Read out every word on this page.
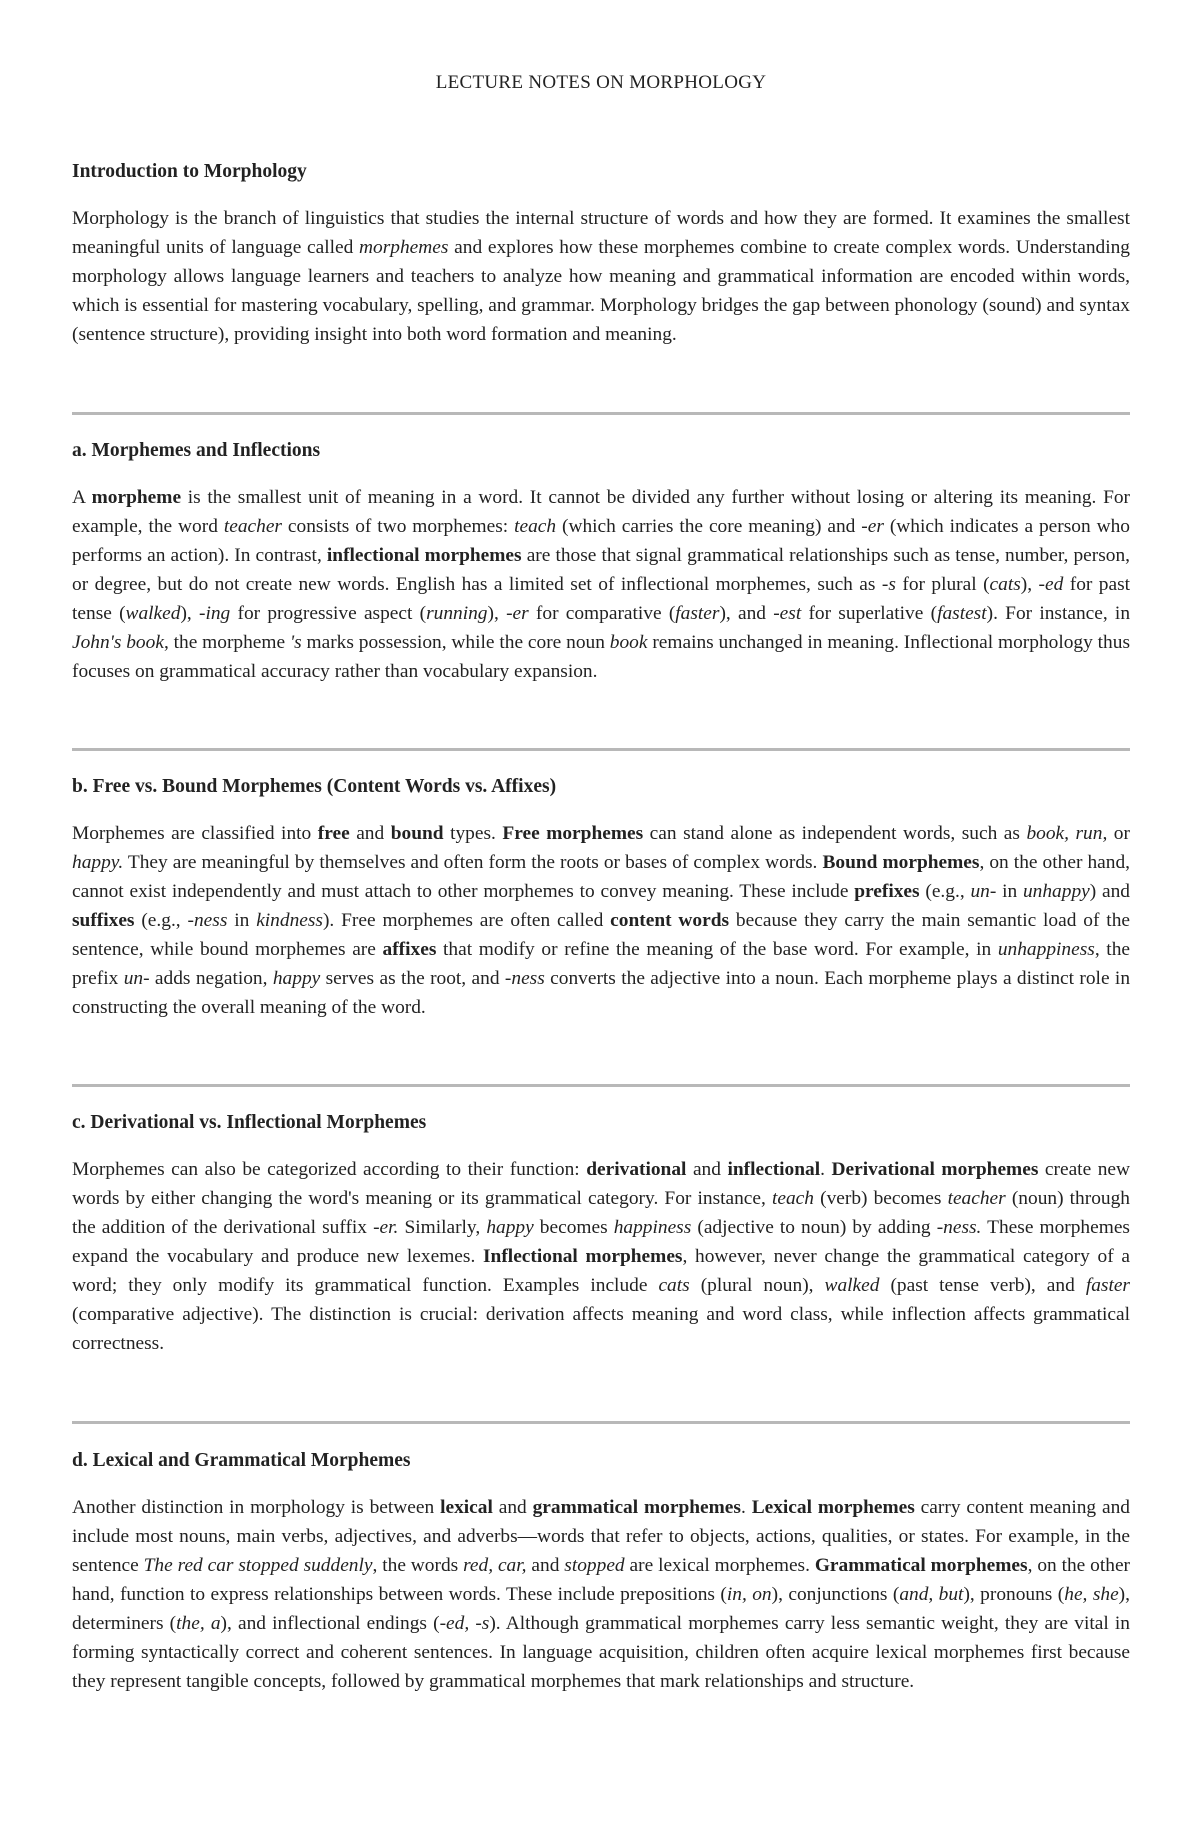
LECTURE NOTES ON MORPHOLOGY
Introduction to Morphology

Morphology is the branch of linguistics that studies the internal structure of words and how they are formed. It examines the smallest meaningful units of language called morphemes and explores how these morphemes combine to create complex words. Understanding morphology allows language learners and teachers to analyze how meaning and grammatical information are encoded within words, which is essential for mastering vocabulary, spelling, and grammar. Morphology bridges the gap between phonology (sound) and syntax (sentence structure), providing insight into both word formation and meaning.

a. Morphemes and Inflections

A morpheme is the smallest unit of meaning in a word. It cannot be divided any further without losing or altering its meaning. For example, the word teacher consists of two morphemes: teach (which carries the core meaning) and -er (which indicates a person who performs an action). In contrast, inflectional morphemes are those that signal grammatical relationships such as tense, number, person, or degree, but do not create new words. English has a limited set of inflectional morphemes, such as -s for plural (cats), -ed for past tense (walked), -ing for progressive aspect (running), -er for comparative (faster), and -est for superlative (fastest). For instance, in John's book, the morpheme 's marks possession, while the core noun book remains unchanged in meaning. Inflectional morphology thus focuses on grammatical accuracy rather than vocabulary expansion.

b. Free vs. Bound Morphemes (Content Words vs. Affixes)

Morphemes are classified into free and bound types. Free morphemes can stand alone as independent words, such as book, run, or happy. They are meaningful by themselves and often form the roots or bases of complex words. Bound morphemes, on the other hand, cannot exist independently and must attach to other morphemes to convey meaning. These include prefixes (e.g., un- in unhappy) and suffixes (e.g., -ness in kindness). Free morphemes are often called content words because they carry the main semantic load of the sentence, while bound morphemes are affixes that modify or refine the meaning of the base word. For example, in unhappiness, the prefix un- adds negation, happy serves as the root, and -ness converts the adjective into a noun. Each morpheme plays a distinct role in constructing the overall meaning of the word.

c. Derivational vs. Inflectional Morphemes

Morphemes can also be categorized according to their function: derivational and inflectional. Derivational morphemes create new words by either changing the word's meaning or its grammatical category. For instance, teach (verb) becomes teacher (noun) through the addition of the derivational suffix -er. Similarly, happy becomes happiness (adjective to noun) by adding -ness. These morphemes expand the vocabulary and produce new lexemes. Inflectional morphemes, however, never change the grammatical category of a word; they only modify its grammatical function. Examples include cats (plural noun), walked (past tense verb), and faster (comparative adjective). The distinction is crucial: derivation affects meaning and word class, while inflection affects grammatical correctness.

d. Lexical and Grammatical Morphemes

Another distinction in morphology is between lexical and grammatical morphemes. Lexical morphemes carry content meaning and include most nouns, main verbs, adjectives, and adverbs—words that refer to objects, actions, qualities, or states. For example, in the sentence The red car stopped suddenly, the words red, car, and stopped are lexical morphemes. Grammatical morphemes, on the other hand, function to express relationships between words. These include prepositions (in, on), conjunctions (and, but), pronouns (he, she), determiners (the, a), and inflectional endings (-ed, -s). Although grammatical morphemes carry less semantic weight, they are vital in forming syntactically correct and coherent sentences. In language acquisition, children often acquire lexical morphemes first because they represent tangible concepts, followed by grammatical morphemes that mark relationships and structure.
